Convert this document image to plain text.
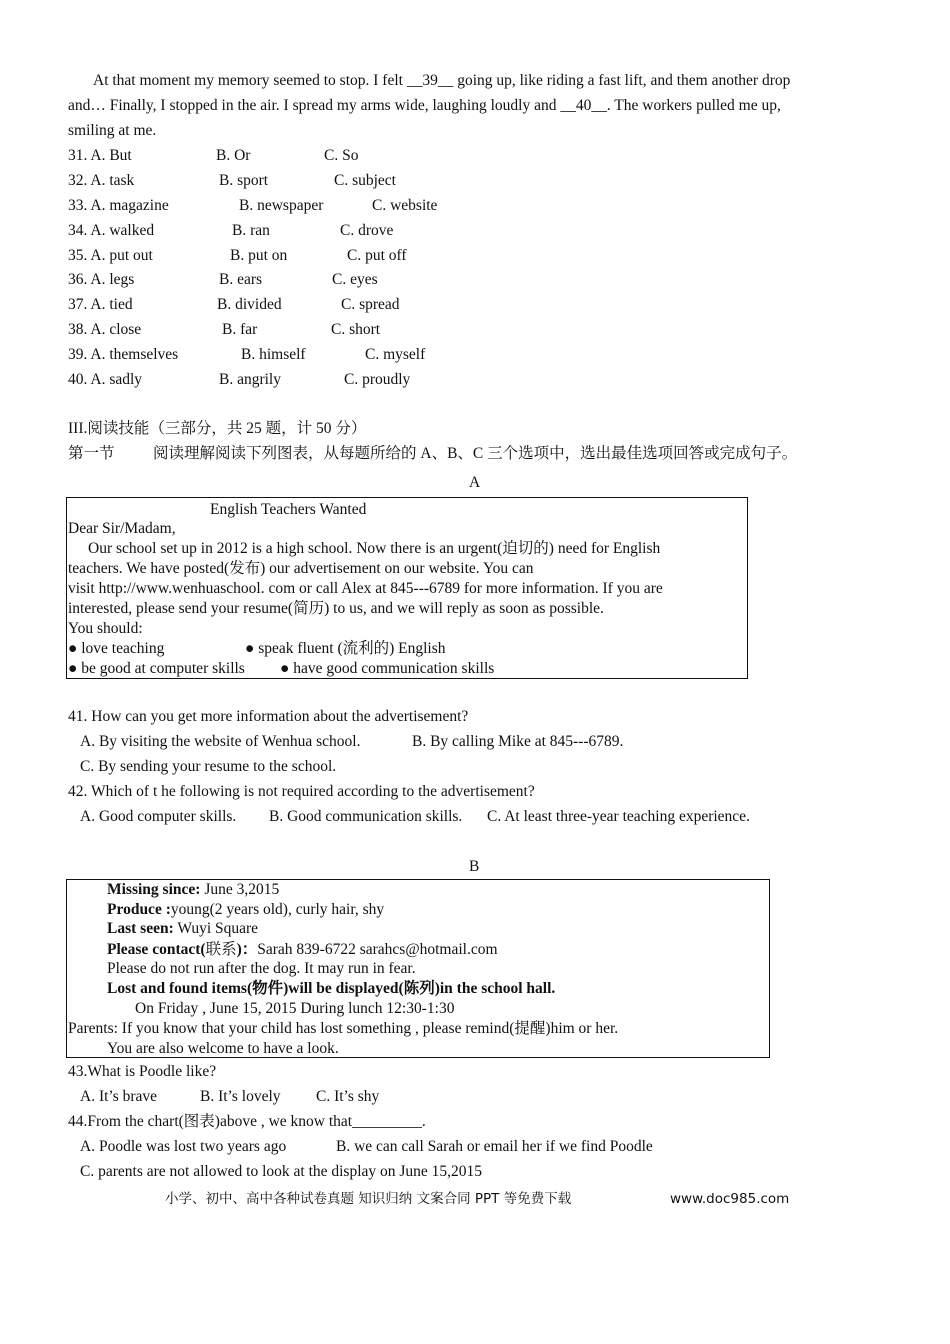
At that moment my memory seemed to stop. I felt __39__ going up, like riding a fast lift, and them another drop
and… Finally, I stopped in the air. I spread my arms wide, laughing loudly and __40__. The workers pulled me up,
smiling at me.
31. A. But	B. Or	C. So
32. A. task	B. sport	C. subject
33. A. magazine	B. newspaper	C. website
34. A. walked	B. ran	C. drove
35. A. put out	B. put on	C. put off
36. A. legs	B. ears	C. eyes
37. A. tied	B. divided	C. spread
38. A. close	B. far	C. short
39. A. themselves	B. himself	C. myself
40. A. sadly	B. angrily	C. proudly
III.阅读技能（三部分，共 25 题，计 50 分）
第一节 阅读理解阅读下列图表，从每题所给的 A、B、C 三个选项中，选出最佳选项回答或完成句子。
A
English Teachers Wanted
Dear Sir/Madam,
Our school set up in 2012 is a high school. Now there is an urgent(迫切的) need for English
teachers. We have posted(发布) our advertisement on our website. You can
visit http://www.wenhuaschool. com or call Alex at 845---6789 for more information. If you are
interested, please send your resume(简历) to us, and we will reply as soon as possible.
You should:
● love teaching	● speak fluent (流利的) English
● be good at computer skills ● have good communication skills
41. How can you get more information about the advertisement?
A. By visiting the website of Wenhua school.	B. By calling Mike at 845---6789.
C. By sending your resume to the school.
42. Which of t he following is not required according to the advertisement?
A. Good computer skills. B. Good communication skills. C. At least three-year teaching experience.
B
Missing since: June 3,2015
Produce :young(2 years old), curly hair, shy
Last seen: Wuyi Square
Please contact(联系)：Sarah 839-6722 sarahcs@hotmail.com
Please do not run after the dog. It may run in fear.
Lost and found items(物件)will be displayed(陈列)in the school hall.
On Friday , June 15, 2015 During lunch 12:30-1:30
Parents: If you know that your child has lost something , please remind(提醒)him or her.
You are also welcome to have a look.
43.What is Poodle like?
A. It’s brave	B. It’s lovely C. It’s shy
44.From the chart(图表)above , we know that_________.
A. Poodle was lost two years ago	B. we can call Sarah or email her if we find Poodle
C. parents are not allowed to look at the display on June 15,2015
小学、初中、高中各种试卷真题 知识归纳 文案合同 PPT 等免费下载	www.doc985.com
